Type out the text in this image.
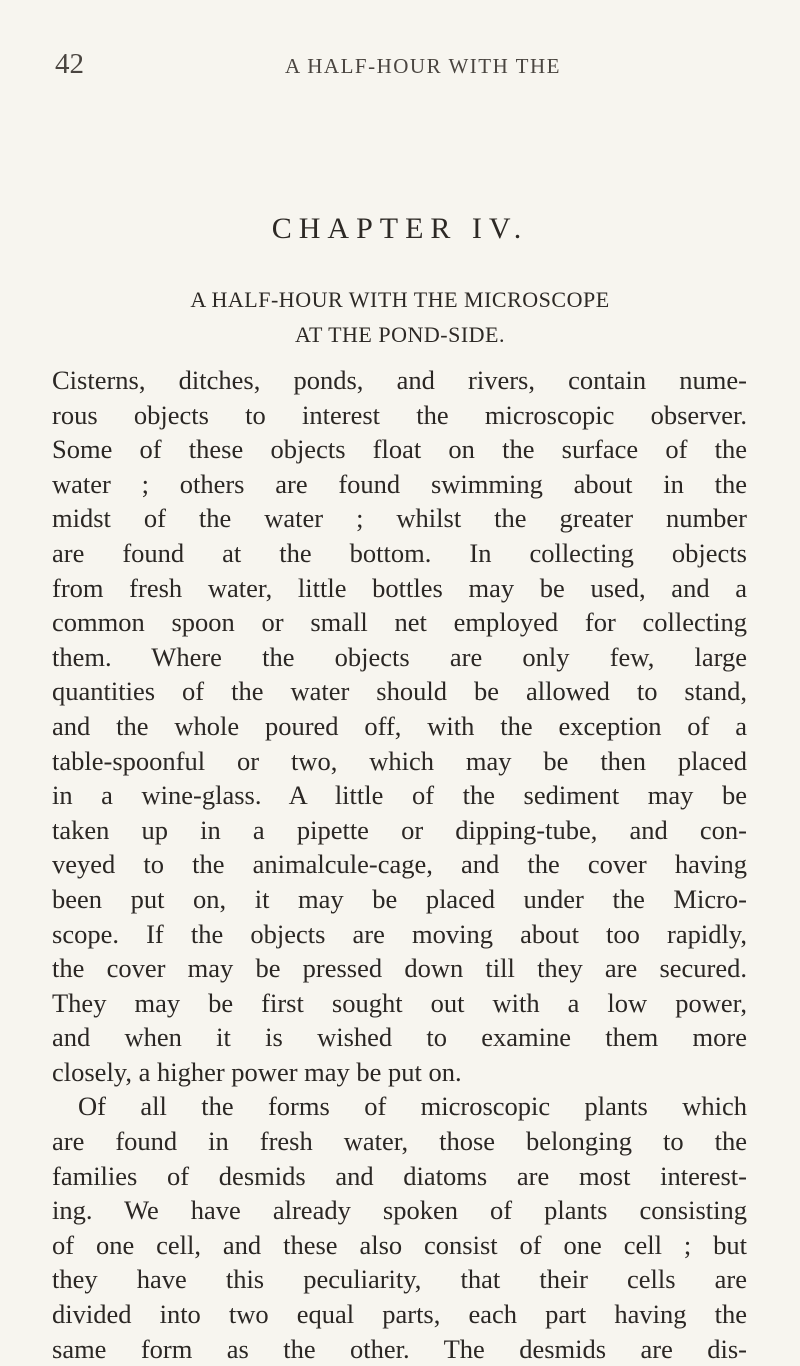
42	A HALF-HOUR WITH THE
CHAPTER IV.
A HALF-HOUR WITH THE MICROSCOPE
AT THE POND-SIDE.
Cisterns, ditches, ponds, and rivers, contain nume-
rous objects to interest the microscopic observer.
Some of these objects float on the surface of the
water ; others are found swimming about in the
midst of the water ; whilst the greater number
are found at the bottom. In collecting objects
from fresh water, little bottles may be used, and a
common spoon or small net employed for collecting
them. Where the objects are only few, large
quantities of the water should be allowed to stand,
and the whole poured off, with the exception of a
table-spoonful or two, which may be then placed
in a wine-glass. A little of the sediment may be
taken up in a pipette or dipping-tube, and con-
veyed to the animalcule-cage, and the cover having
been put on, it may be placed under the Micro-
scope. If the objects are moving about too rapidly,
the cover may be pressed down till they are secured.
They may be first sought out with a low power,
and when it is wished to examine them more
closely, a higher power may be put on.
Of all the forms of microscopic plants which
are found in fresh water, those belonging to the
families of desmids and diatoms are most interest-
ing. We have already spoken of plants consisting
of one cell, and these also consist of one cell ; but
they have this peculiarity, that their cells are
divided into two equal parts, each part having the
same form as the other. The desmids are dis-
